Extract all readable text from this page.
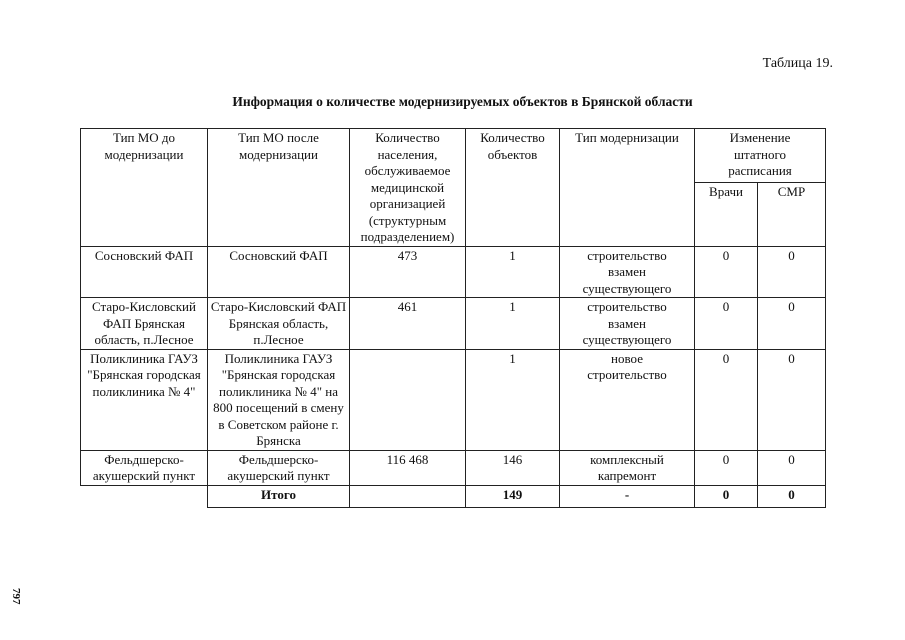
Таблица 19.
Информация о количестве модернизируемых объектов в Брянской области
Тип МО до модернизации	Тип МО после модернизации	Количество населения, обслуживаемое медицинской организацией (структурным подразделением)	Количество объектов	Тип модернизации	Изменение штатного расписания	
					Врачи	СМР
Сосновский ФАП	Сосновский ФАП	473	1	строительство взамен существующего	0	0
Старо-Кисловский ФАП Брянская область, п.Лесное	Старо-Кисловский ФАП Брянская область, п.Лесное	461	1	строительство взамен существующего	0	0
Поликлиника ГАУЗ "Брянская городская поликлиника № 4"	Поликлиника ГАУЗ "Брянская городская поликлиника № 4" на 800 посещений в смену в Советском районе г. Брянска		1	новое строительство	0	0
Фельдшерско-акушерский пункт	Фельдшерско-акушерский пункт	116 468	146	комплексный капремонт	0	0
	Итого		149	-	0	0
797
